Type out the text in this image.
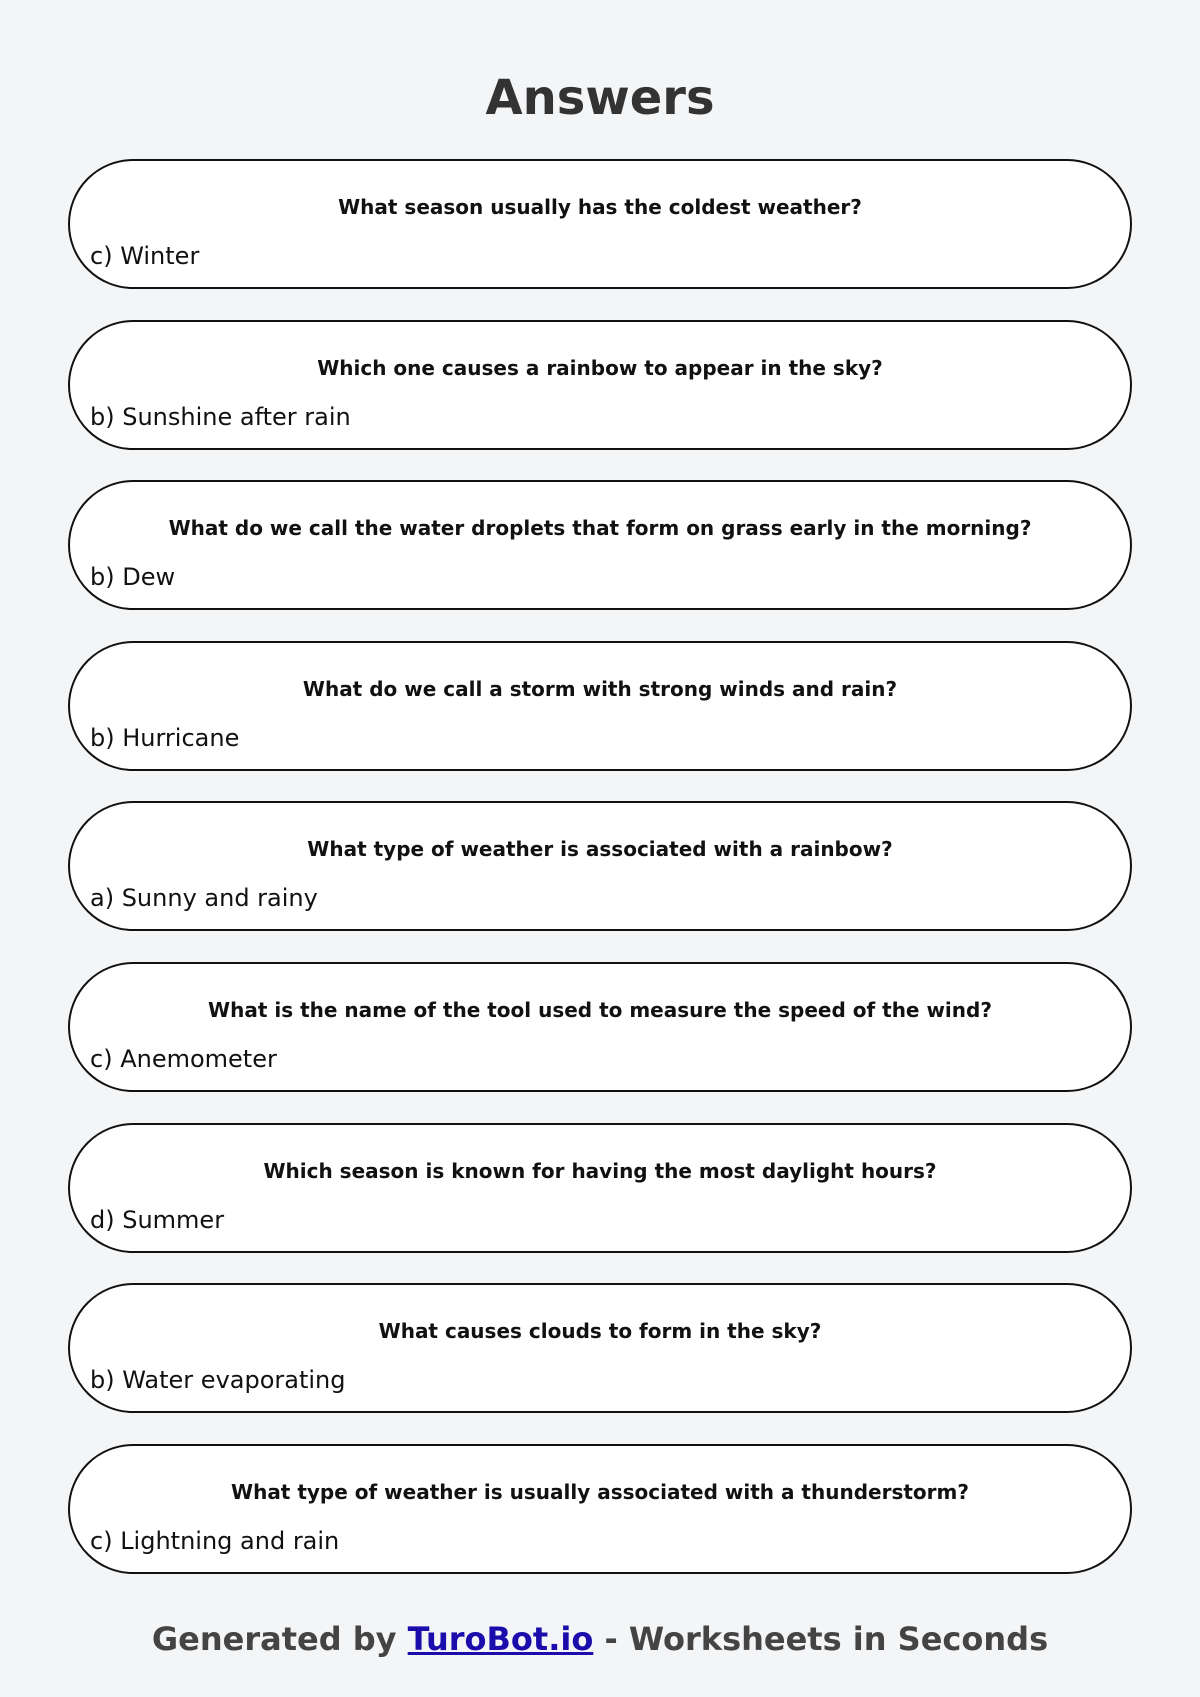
Answers
What season usually has the coldest weather?
c) Winter
Which one causes a rainbow to appear in the sky?
b) Sunshine after rain
What do we call the water droplets that form on grass early in the morning?
b) Dew
What do we call a storm with strong winds and rain?
b) Hurricane
What type of weather is associated with a rainbow?
a) Sunny and rainy
What is the name of the tool used to measure the speed of the wind?
c) Anemometer
Which season is known for having the most daylight hours?
d) Summer
What causes clouds to form in the sky?
b) Water evaporating
What type of weather is usually associated with a thunderstorm?
c) Lightning and rain
Generated by TuroBot.io - Worksheets in Seconds
